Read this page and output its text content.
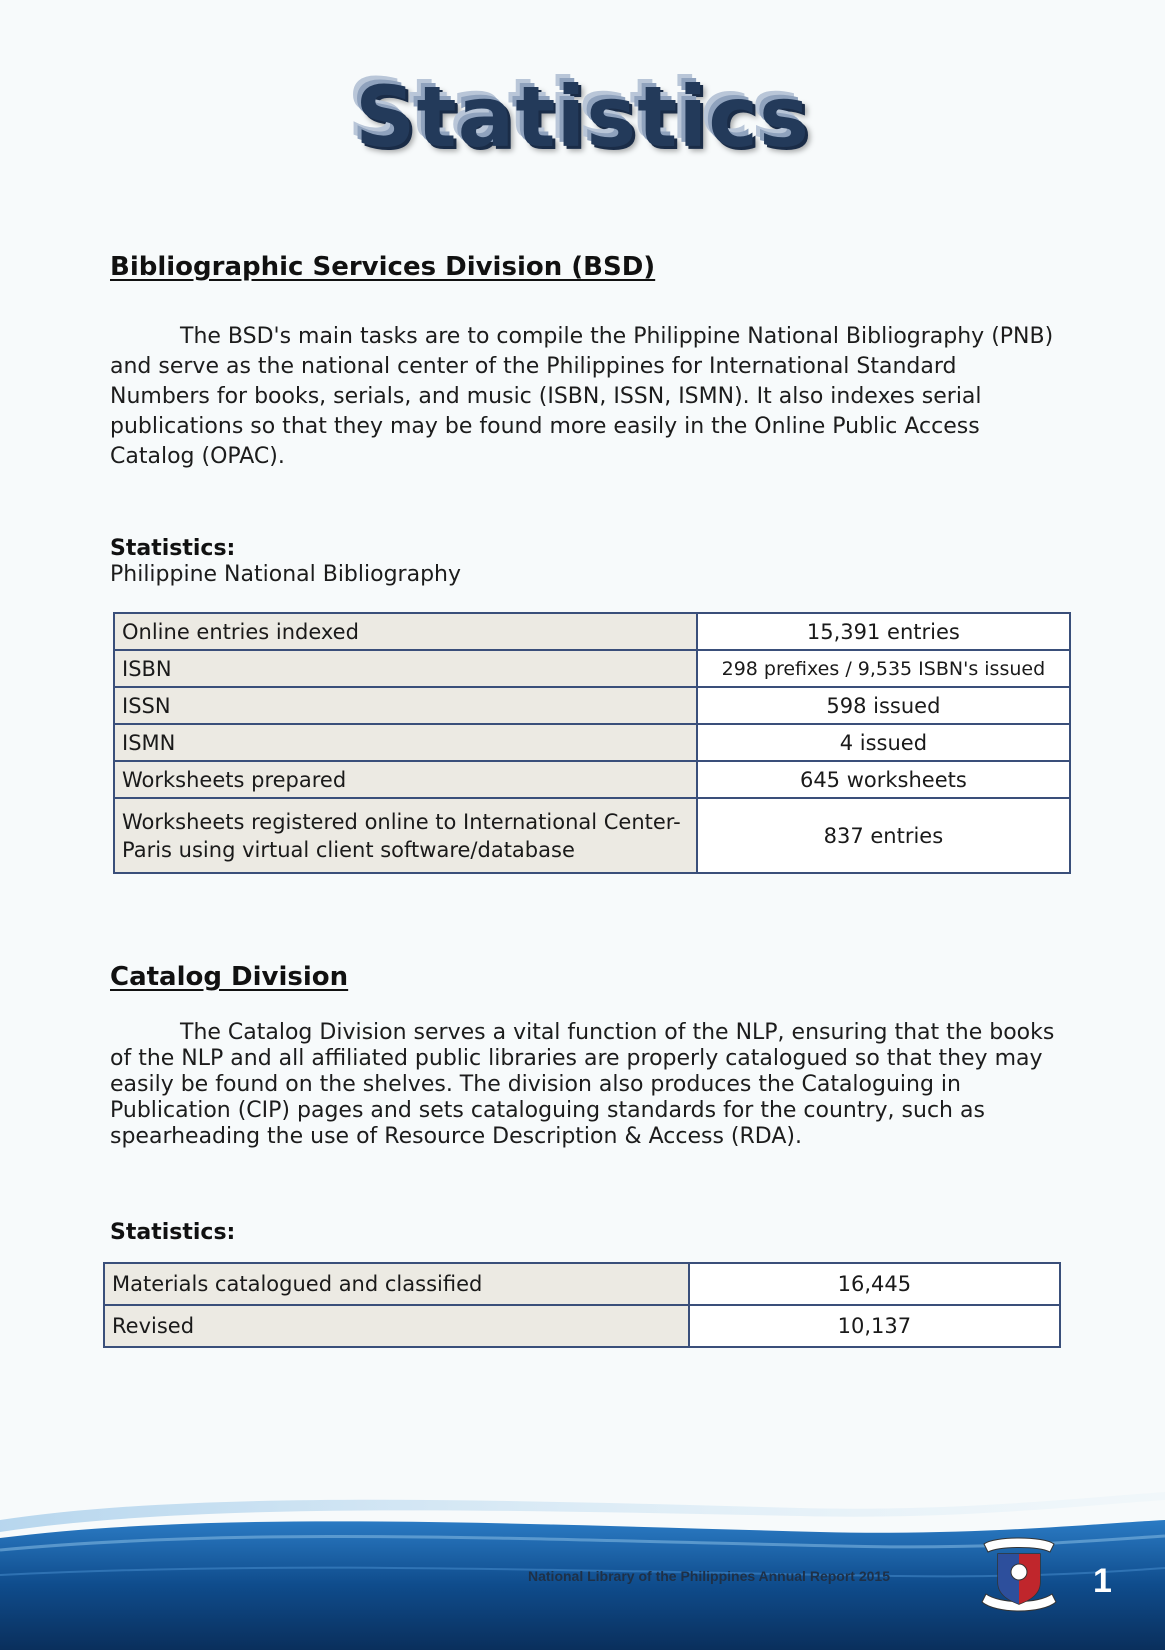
Statistics
Bibliographic Services Division (BSD)
The BSD's main tasks are to compile the Philippine National Bibliography (PNB) and serve as the national center of the Philippines for International Standard Numbers for books, serials, and music (ISBN, ISSN, ISMN). It also indexes serial publications so that they may be found more easily in the Online Public Access Catalog (OPAC).
Statistics:
Philippine National Bibliography
Online entries indexed	15,391 entries
ISBN	298 prefixes / 9,535 ISBN's issued
ISSN	598 issued
ISMN	4 issued
Worksheets prepared	645 worksheets
Worksheets registered online to International Center-Paris using virtual client software/database	837 entries
Catalog Division
The Catalog Division serves a vital function of the NLP, ensuring that the books of the NLP and all affiliated public libraries are properly catalogued so that they may easily be found on the shelves. The division also produces the Cataloguing in Publication (CIP) pages and sets cataloguing standards for the country, such as spearheading the use of Resource Description & Access (RDA).
Statistics:
Materials catalogued and classified	16,445
Revised	10,137
National Library of the Philippines Annual Report 2015	1
